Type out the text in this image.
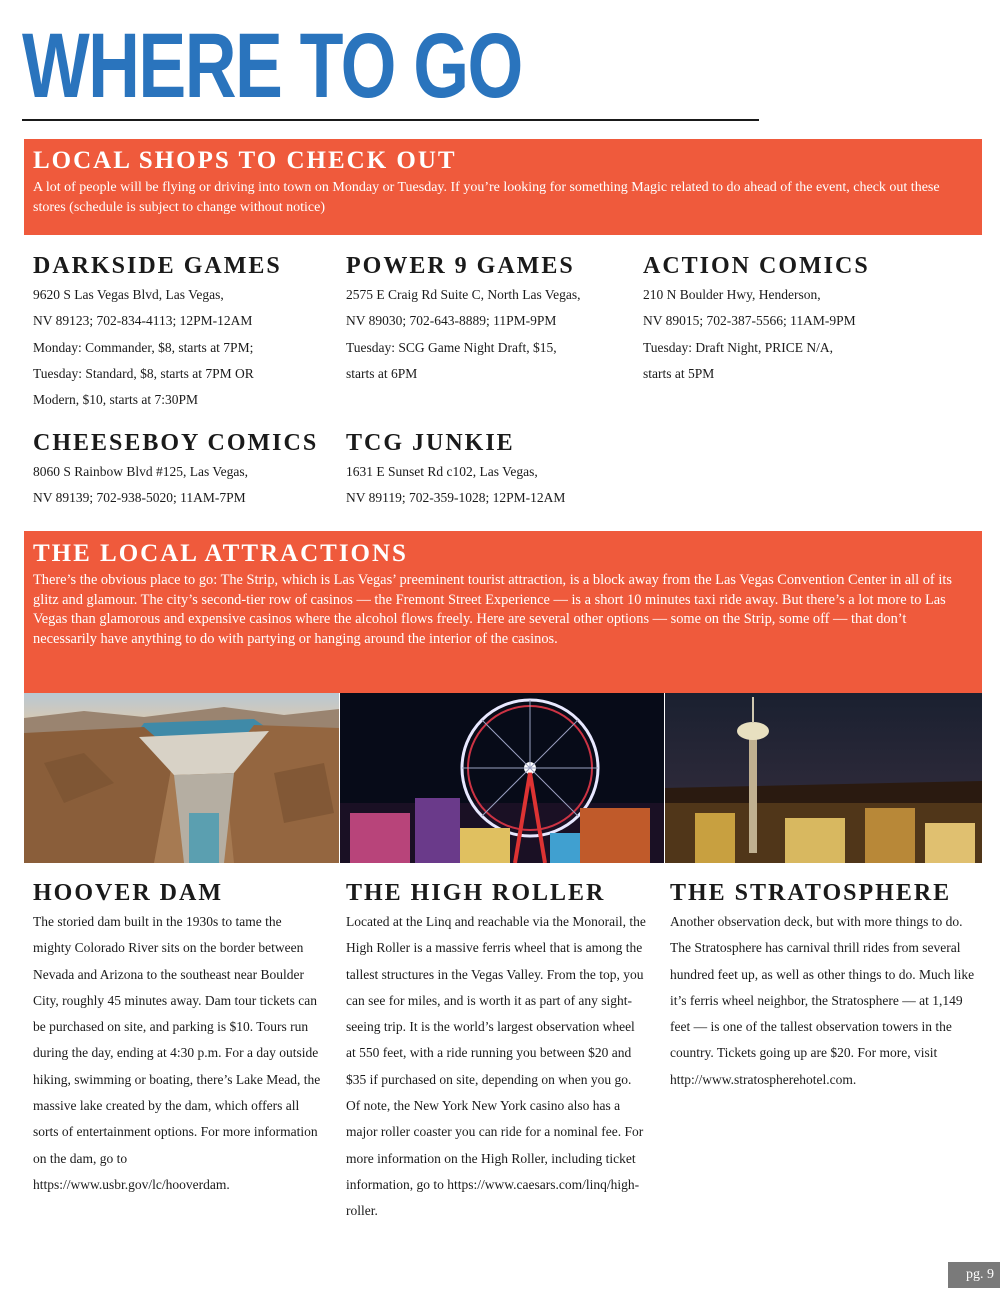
WHERE TO GO
LOCAL SHOPS TO CHECK OUT

A lot of people will be flying or driving into town on Monday or Tuesday. If you’re looking for something Magic related to do ahead of the event, check out these stores (schedule is subject to change without notice)

DARKSIDE GAMES
9620 S Las Vegas Blvd, Las Vegas,
NV 89123; 702-834-4113; 12PM-12AM
Monday: Commander, $8, starts at 7PM;
Tuesday: Standard, $8, starts at 7PM OR
Modern, $10, starts at 7:30PM
POWER 9 GAMES
2575 E Craig Rd Suite C, North Las Vegas,
NV 89030; 702-643-8889; 11PM-9PM
Tuesday: SCG Game Night Draft, $15,
starts at 6PM
ACTION COMICS
210 N Boulder Hwy, Henderson,
NV 89015; 702-387-5566; 11AM-9PM
Tuesday: Draft Night, PRICE N/A,
starts at 5PM
CHEESEBOY COMICS
8060 S Rainbow Blvd #125, Las Vegas,
NV 89139; 702-938-5020; 11AM-7PM
TCG JUNKIE
1631 E Sunset Rd c102, Las Vegas,
NV 89119; 702-359-1028; 12PM-12AM
THE LOCAL ATTRACTIONS

There’s the obvious place to go: The Strip, which is Las Vegas’ preeminent tourist attraction, is a block away from the Las Vegas Convention Center in all of its glitz and glamour. The city’s second-tier row of casinos — the Fremont Street Experience — is a short 10 minutes taxi ride away. But there’s a lot more to Las Vegas than glamorous and expensive casinos where the alcohol flows freely. Here are several other options — some on the Strip, some off — that don’t necessarily have anything to do with partying or hanging around the interior of the casinos.

HOOVER DAM
The storied dam built in the 1930s to tame the mighty Colorado River sits on the border between Nevada and Arizona to the southeast near Boulder City, roughly 45 minutes away. Dam tour tickets can be purchased on site, and parking is $10. Tours run during the day, ending at 4:30 p.m. For a day outside hiking, swimming or boating, there’s Lake Mead, the massive lake created by the dam, which offers all sorts of entertainment options. For more information on the dam, go to https://www.usbr.gov/lc/hooverdam.
THE HIGH ROLLER
Located at the Linq and reachable via the Monorail, the High Roller is a massive ferris wheel that is among the tallest structures in the Vegas Valley. From the top, you can see for miles, and is worth it as part of any sight-seeing trip. It is the world’s largest observation wheel at 550 feet, with a ride running you between $20 and $35 if purchased on site, depending on when you go. Of note, the New York New York casino also has a major roller coaster you can ride for a nominal fee. For more information on the High Roller, including ticket information, go to https://www.caesars.com/linq/high-roller.
THE STRATOSPHERE
Another observation deck, but with more things to do. The Stratosphere has carnival thrill rides from several hundred feet up, as well as other things to do. Much like it’s ferris wheel neighbor, the Stratosphere — at 1,149 feet — is one of the tallest observation towers in the country. Tickets going up are $20. For more, visit http://www.stratospherehotel.com.
pg. 9
